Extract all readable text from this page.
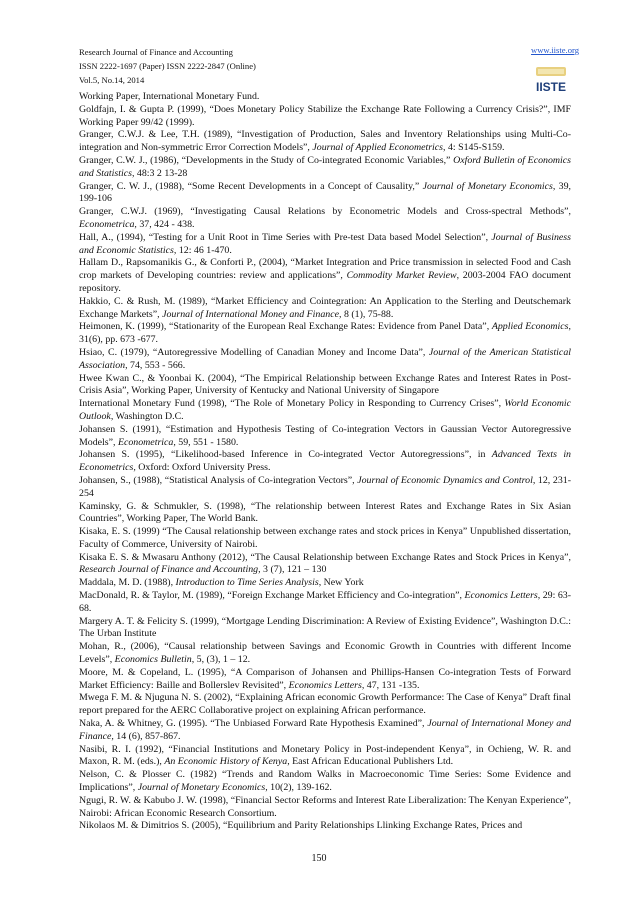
Research Journal of Finance and Accounting
ISSN 2222-1697 (Paper) ISSN 2222-2847 (Online)
Vol.5, No.14, 2014
www.iiste.org
IISTE

Working Paper, International Monetary Fund.

Goldfajn, I. & Gupta P. (1999), “Does Monetary Policy Stabilize the Exchange Rate Following a Currency Crisis?”, IMF Working Paper 99/42 (1999).

Granger, C.W.J. & Lee, T.H. (1989), “Investigation of Production, Sales and Inventory Relationships using Multi-Co-integration and Non-symmetric Error Correction Models”, Journal of Applied Econometrics, 4: S145-S159.

Granger, C.W. J., (1986), “Developments in the Study of Co-integrated Economic Variables,” Oxford Bulletin of Economics and Statistics, 48:3 2 13-28

Granger, C. W. J., (1988), “Some Recent Developments in a Concept of Causality,” Journal of Monetary Economics, 39, 199-106

Granger, C.W.J. (1969), “Investigating Causal Relations by Econometric Models and Cross-spectral Methods”, Econometrica, 37, 424 - 438.

Hall, A., (1994), “Testing for a Unit Root in Time Series with Pre-test Data based Model Selection”, Journal of Business and Economic Statistics, 12: 46 1-470.

Hallam D., Rapsomanikis G., & Conforti P., (2004), “Market Integration and Price transmission in selected Food and Cash crop markets of Developing countries: review and applications”, Commodity Market Review, 2003-2004 FAO document repository.

Hakkio, C. & Rush, M. (1989), “Market Efficiency and Cointegration: An Application to the Sterling and Deutschemark Exchange Markets”, Journal of International Money and Finance, 8 (1), 75-88.

Heimonen, K. (1999), “Stationarity of the European Real Exchange Rates: Evidence from Panel Data”, Applied Economics, 31(6), pp. 673 -677.

Hsiao, C. (1979), “Autoregressive Modelling of Canadian Money and Income Data”, Journal of the American Statistical Association, 74, 553 - 566.

Hwee Kwan C., & Yoonbai K. (2004), “The Empirical Relationship between Exchange Rates and Interest Rates in Post-Crisis Asia”, Working Paper, University of Kentucky and National University of Singapore

International Monetary Fund (1998), “The Role of Monetary Policy in Responding to Currency Crises”, World Economic Outlook, Washington D.C.

Johansen S. (1991), “Estimation and Hypothesis Testing of Co-integration Vectors in Gaussian Vector Autoregressive Models”, Econometrica, 59, 551 - 1580.

Johansen S. (1995), “Likelihood-based Inference in Co-integrated Vector Autoregressions”, in Advanced Texts in Econometrics, Oxford: Oxford University Press.

Johansen, S., (1988), “Statistical Analysis of Co-integration Vectors”, Journal of Economic Dynamics and Control, 12, 231-254

Kaminsky, G. & Schmukler, S. (1998), “The relationship between Interest Rates and Exchange Rates in Six Asian Countries”, Working Paper, The World Bank.

Kisaka, E. S. (1999) “The Causal relationship between exchange rates and stock prices in Kenya” Unpublished dissertation, Faculty of Commerce, University of Nairobi.

Kisaka E. S. & Mwasaru Anthony (2012), “The Causal Relationship between Exchange Rates and Stock Prices in Kenya”, Research Journal of Finance and Accounting, 3 (7), 121 – 130

Maddala, M. D. (1988), Introduction to Time Series Analysis, New York

MacDonald, R. & Taylor, M. (1989), “Foreign Exchange Market Efficiency and Co-integration”, Economics Letters, 29: 63- 68.

Margery A. T. & Felicity S. (1999), “Mortgage Lending Discrimination: A Review of Existing Evidence”, Washington D.C.: The Urban Institute

Mohan, R., (2006), “Causal relationship between Savings and Economic Growth in Countries with different Income Levels”, Economics Bulletin, 5, (3), 1 – 12.

Moore, M. & Copeland, L. (1995), “A Comparison of Johansen and Phillips-Hansen Co-integration Tests of Forward Market Efficiency: Baille and Bollerslev Revisited”, Economics Letters, 47, 131 -135.

Mwega F. M. & Njuguna N. S. (2002), “Explaining African economic Growth Performance: The Case of Kenya” Draft final report prepared for the AERC Collaborative project on explaining African performance.

Naka, A. & Whitney, G. (1995). “The Unbiased Forward Rate Hypothesis Examined”, Journal of International Money and Finance, 14 (6), 857-867.

Nasibi, R. I. (1992), “Financial Institutions and Monetary Policy in Post-independent Kenya”, in Ochieng, W. R. and Maxon, R. M. (eds.), An Economic History of Kenya, East African Educational Publishers Ltd.

Nelson, C. & Plosser C. (1982) “Trends and Random Walks in Macroeconomic Time Series: Some Evidence and Implications”, Journal of Monetary Economics, 10(2), 139-162.

Ngugi, R. W. & Kabubo J. W. (1998), “Financial Sector Reforms and Interest Rate Liberalization: The Kenyan Experience”, Nairobi: African Economic Research Consortium.

Nikolaos M. & Dimitrios S. (2005), “Equilibrium and Parity Relationships Llinking Exchange Rates, Prices and

150
